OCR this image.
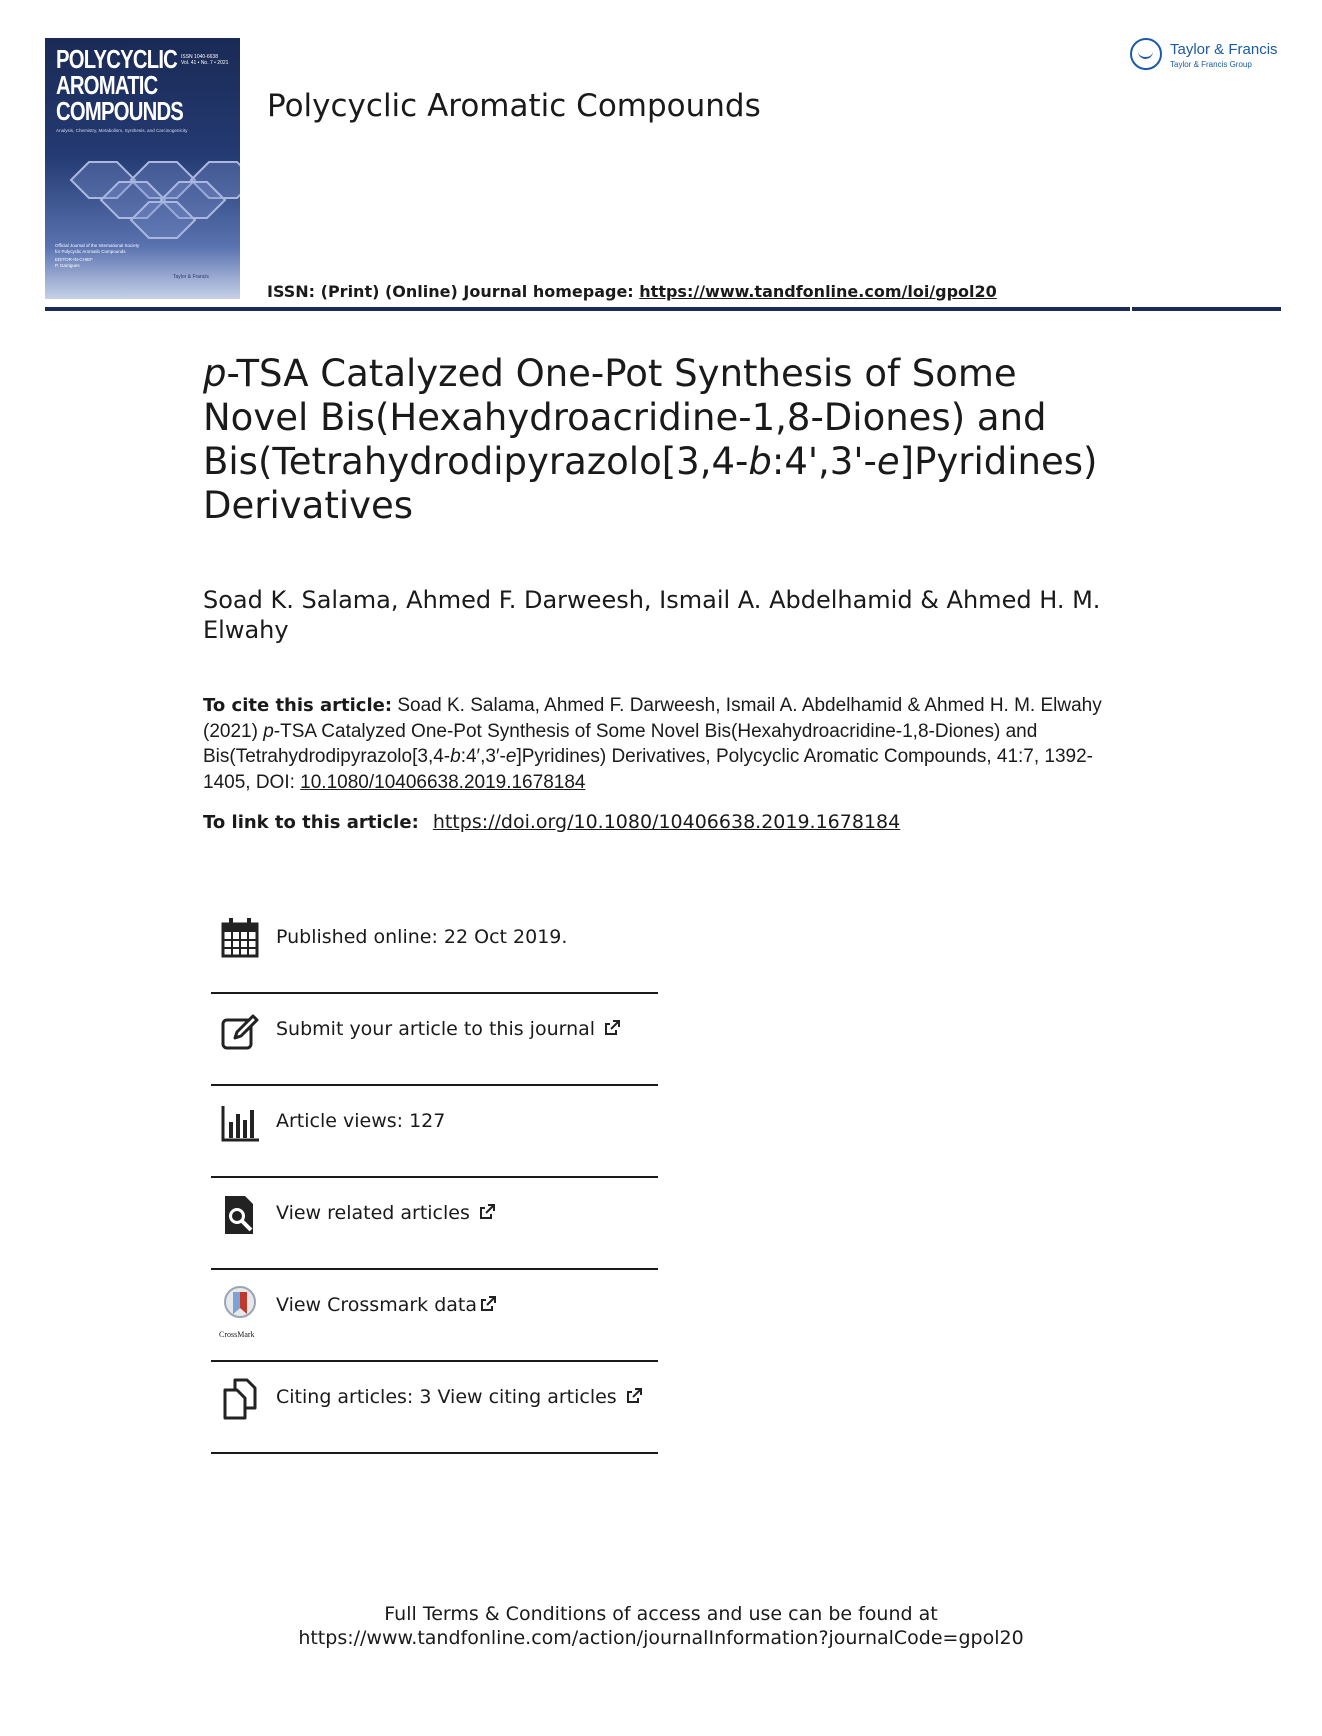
POLYCYCLIC
AROMATIC
COMPOUNDS
ISSN 1040-6638
Vol. 41 • No. 7 • 2021
Analysis, Chemistry, Metabolism, Synthesis, and Carcinogenicity
Official Journal of the International Society for Polycyclic Aromatic Compounds
EDITOR-IN-CHIEF
P. Garrigues
Taylor & Francis
Polycyclic Aromatic Compounds
Taylor & Francis
Taylor & Francis Group
ISSN: (Print) (Online) Journal homepage: https://www.tandfonline.com/loi/gpol20
p-TSA Catalyzed One-Pot Synthesis of Some Novel Bis(Hexahydroacridine-1,8-Diones) and Bis(Tetrahydrodipyrazolo[3,4-b:4',3'-e]Pyridines) Derivatives
Soad K. Salama, Ahmed F. Darweesh, Ismail A. Abdelhamid & Ahmed H. M. Elwahy
To cite this article: Soad K. Salama, Ahmed F. Darweesh, Ismail A. Abdelhamid & Ahmed H. M. Elwahy (2021) p-TSA Catalyzed One-Pot Synthesis of Some Novel Bis(Hexahydroacridine-1,8-Diones) and Bis(Tetrahydrodipyrazolo[3,4-b:4′,3′-e]Pyridines) Derivatives, Polycyclic Aromatic Compounds, 41:7, 1392-1405, DOI: 10.1080/10406638.2019.1678184
To link to this article: https://doi.org/10.1080/10406638.2019.1678184
Published online: 22 Oct 2019.
Submit your article to this journal
Article views: 127
View related articles
CrossMark
View Crossmark data
Citing articles: 3 View citing articles
Full Terms & Conditions of access and use can be found at
https://www.tandfonline.com/action/journalInformation?journalCode=gpol20
